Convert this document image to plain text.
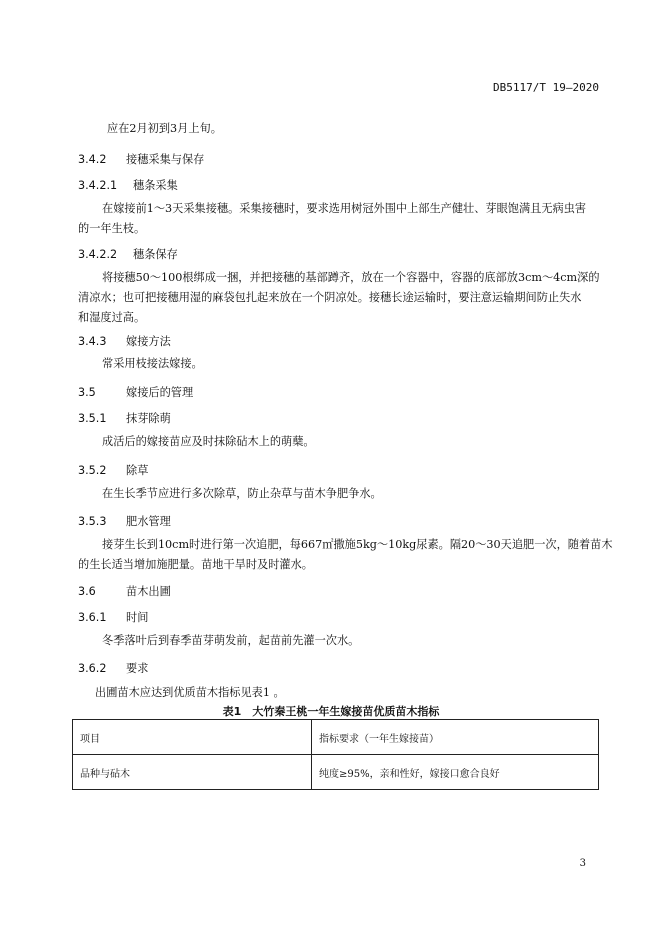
DB5117/T 19—2020
应在2月初到3月上旬。
3.4.2 接穗采集与保存
3.4.2.1 穗条采集
在嫁接前1～3天采集接穗。采集接穗时，要求选用树冠外围中上部生产健壮、芽眼饱满且无病虫害
的一年生枝。
3.4.2.2 穗条保存
将接穗50～100根绑成一捆，并把接穗的基部蹲齐，放在一个容器中，容器的底部放3cm～4cm深的
清凉水；也可把接穗用湿的麻袋包扎起来放在一个阴凉处。接穗长途运输时，要注意运输期间防止失水
和湿度过高。
3.4.3 嫁接方法
常采用枝接法嫁接。
3.5	嫁接后的管理
3.5.1 抹芽除萌
成活后的嫁接苗应及时抹除砧木上的萌蘖。
3.5.2 除草
在生长季节应进行多次除草，防止杂草与苗木争肥争水。
3.5.3 肥水管理
接芽生长到10cm时进行第一次追肥，每667㎡撒施5kg～10kg尿素。隔20～30天追肥一次，随着苗木
的生长适当增加施肥量。苗地干旱时及时灌水。
3.6	苗木出圃
3.6.1 时间
冬季落叶后到春季苗芽萌发前，起苗前先灌一次水。
3.6.2 要求
出圃苗木应达到优质苗木指标见表1 。
表1　大竹秦王桃一年生嫁接苗优质苗木指标
项目	指标要求（一年生嫁接苗）
品种与砧木	纯度≥95%，亲和性好，嫁接口愈合良好
3
